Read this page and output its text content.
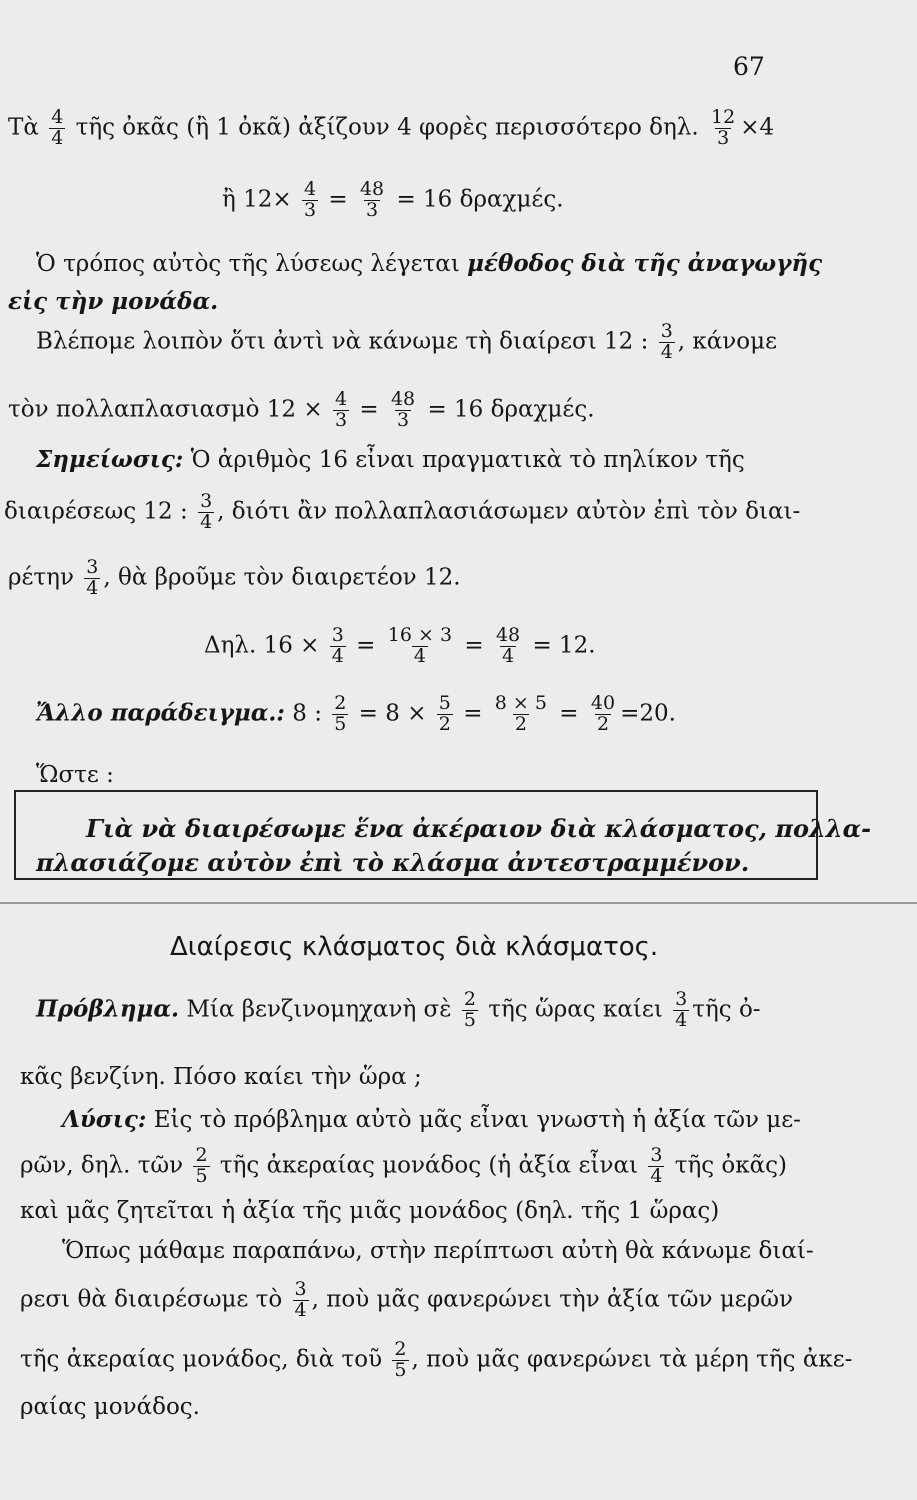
67
Τὰ $\frac{4}{4}$ τῆς ὀκᾶς (ἢ 1 ὀκᾶ) ἀξίζουν 4 φορὲς περισσότερο δηλ. $\frac{12}{3} \times 4$
ἢ $12\times \frac{4}{3} = \frac{48}{3} = 16$ δραχμές.
Ὁ τρόπος αὐτὸς τῆς λύσεως λέγεται μέθοδος διὰ τῆς ἀναγωγῆς
εἰς τὴν μονάδα.
Βλέπομε λοιπὸν ὅτι ἀντὶ νὰ κάνωμε τὴ διαίρεσι 12 : $\frac{3}{4}$ , κάνομε
τὸν πολλαπλασιασμὸ $12 \times \frac{4}{3} = \frac{48}{3} = 16$ δραχμές.
Σημείωσις: Ὁ ἀριθμὸς 16 εἶναι πραγματικὰ τὸ πηλίκον τῆς
διαιρέσεως 12 : $\frac{3}{4}$ , διότι ἂν πολλαπλασιάσωμεν αὐτὸν ἐπὶ τὸν διαι-
ρέτην $\frac{3}{4}$ , θὰ βροῦμε τὸν διαιρετέον 12.
Δηλ. $16 \times \frac{3}{4} = \frac{16 \times 3}{4} = \frac{48}{4} = 12$.
Ἄλλο παράδειγμα.: 8 : $\frac{2}{5} = 8 \times \frac{5}{2} = \frac{8 \times 5}{2} = \frac{40}{2} =20$.
Ὥστε :
Γιὰ νὰ διαιρέσωμε ἕνα ἀκέραιον διὰ κλάσματος, πολλα-
πλασιάζομε αὐτὸν ἐπὶ τὸ κλάσμα ἀντεστραμμένον.
Διαίρεσις κλάσματος διὰ κλάσματος.
Πρόβλημα. Μία βενζινομηχανὴ σὲ $\frac{2}{5}$ τῆς ὥρας καίει $\frac{3}{4}$ τῆς ὀ-
κᾶς βενζίνη. Πόσο καίει τὴν ὥρα ;
Λύσις: Εἰς τὸ πρόβλημα αὐτὸ μᾶς εἶναι γνωστὴ ἡ ἀξία τῶν με-
ρῶν, δηλ. τῶν $\frac{2}{5}$ τῆς ἀκεραίας μονάδος (ἡ ἀξία εἶναι $\frac{3}{4}$ τῆς ὀκᾶς)
καὶ μᾶς ζητεῖται ἡ ἀξία τῆς μιᾶς μονάδος (δηλ. τῆς 1 ὥρας)
Ὅπως μάθαμε παραπάνω, στὴν περίπτωσι αὐτὴ θὰ κάνωμε διαί-
ρεσι θὰ διαιρέσωμε τὸ $\frac{3}{4}$ , ποὺ μᾶς φανερώνει τὴν ἀξία τῶν μερῶν
τῆς ἀκεραίας μονάδος, διὰ τοῦ $\frac{2}{5}$ , ποὺ μᾶς φανερώνει τὰ μέρη τῆς ἀκε-
ραίας μονάδος.
